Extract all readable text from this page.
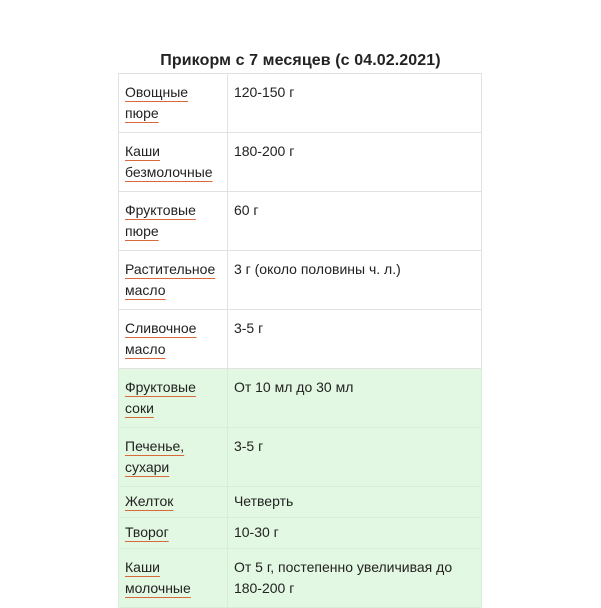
Прикорм с 7 месяцев (с 04.02.2021)
Овощные
пюре	120-150 г
Каши
безмолочные	180-200 г
Фруктовые
пюре	60 г
Растительное
масло	3 г (около половины ч. л.)
Сливочное
масло	3-5 г
Фруктовые
соки	От 10 мл до 30 мл
Печенье,
сухари	3-5 г
Желток	Четверть
Творог	10-30 г
Каши
молочные	От 5 г, постепенно увеличивая до
180-200 г
